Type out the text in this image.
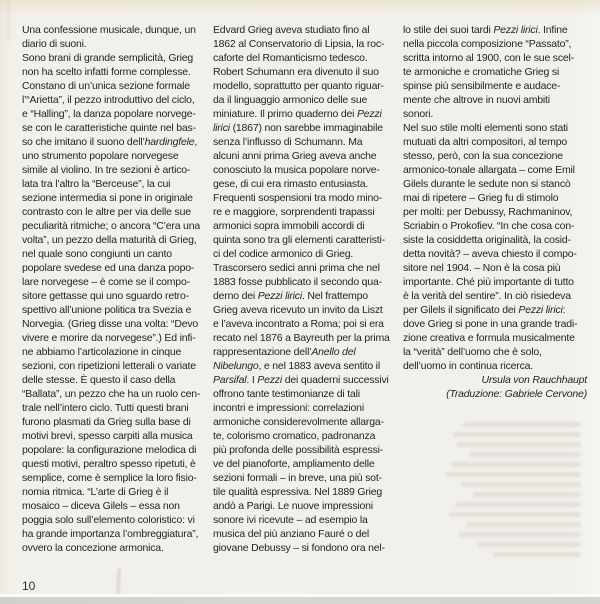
Una confessione musicale, dunque, un
diario di suoni.
Sono brani di grande semplicità, Grieg
non ha scelto infatti forme complesse.
Constano di un’unica sezione formale
l’“Arietta”, il pezzo introduttivo del ciclo,
e “Halling”, la danza popolare norvege-
se con le caratteristiche quinte nel bas-
so che imitano il suono dell’hardingfele,
uno strumento popolare norvegese
simile al violino. In tre sezioni è artico-
lata tra l’altro la “Berceuse”, la cui
sezione intermedia si pone in originale
contrasto con le altre per via delle sue
peculiarità ritmiche; o ancora “C’era una
volta”, un pezzo della maturità di Grieg,
nel quale sono congiunti un canto
popolare svedese ed una danza popo-
lare norvegese – è come se il compo-
sitore gettasse qui uno sguardo retro-
spettivo all’unione politica tra Svezia e
Norvegia. (Grieg disse una volta: “Devo
vivere e morire da norvegese”.) Ed infi-
ne abbiamo l’articolazione in cinque
sezioni, con ripetizioni letterali o variate
delle stesse. È questo il caso della
“Ballata”, un pezzo che ha un ruolo cen-
trale nell’intero ciclo. Tutti questi brani
furono plasmati da Grieg sulla base di
motivi brevi, spesso carpiti alla musica
popolare: la configurazione melodica di
questi motivi, peraltro spesso ripetuti, è
semplice, come è semplice la loro fisio-
nomia ritmica. “L’arte di Grieg è il
mosaico – diceva Gilels – essa non
poggia solo sull’elemento coloristico: vi
ha grande importanza l’ombreggiatura”,
ovvero la concezione armonica.
Edvard Grieg aveva studiato fino al
1862 al Conservatorio di Lipsia, la roc-
caforte del Romanticismo tedesco.
Robert Schumann era divenuto il suo
modello, soprattutto per quanto riguar-
da il linguaggio armonico delle sue
miniature. Il primo quaderno dei Pezzi
lirici (1867) non sarebbe immaginabile
senza l’influsso di Schumann. Ma
alcuni anni prima Grieg aveva anche
conosciuto la musica popolare norve-
gese, di cui era rimasto entusiasta.
Frequenti sospensioni tra modo mino-
re e maggiore, sorprendenti trapassi
armonici sopra immobili accordi di
quinta sono tra gli elementi caratteristi-
ci del codice armonico di Grieg.
Trascorsero sedici anni prima che nel
1883 fosse pubblicato il secondo qua-
derno dei Pezzi lirici. Nel frattempo
Grieg aveva ricevuto un invito da Liszt
e l’aveva incontrato a Roma; poi si era
recato nel 1876 a Bayreuth per la prima
rappresentazione dell’Anello del
Nibelungo, e nel 1883 aveva sentito il
Parsifal. I Pezzi dei quaderni successivi
offrono tante testimonianze di tali
incontri e impressioni: correlazioni
armoniche considerevolmente allarga-
te, colorismo cromatico, padronanza
più profonda delle possibilità espressi-
ve del pianoforte, ampliamento delle
sezioni formali – in breve, una più sot-
tile qualità espressiva. Nel 1889 Grieg
andò a Parigi. Le nuove impressioni
sonore ivi ricevute – ad esempio la
musica del più anziano Fauré o del
giovane Debussy – si fondono ora nel-
lo stile dei suoi tardi Pezzi lirici. Infine
nella piccola composizione “Passato”,
scritta intorno al 1900, con le sue scel-
te armoniche e cromatiche Grieg si
spinse più sensibilmente e audace-
mente che altrove in nuovi ambiti
sonori.
Nel suo stile molti elementi sono stati
mutuati da altri compositori, al tempo
stesso, però, con la sua concezione
armonico-tonale allargata – come Emil
Gilels durante le sedute non si stancò
mai di ripetere – Grieg fu di stimolo
per molti: per Debussy, Rachmaninov,
Scriabin o Prokofiev. “In che cosa con-
siste la cosiddetta originalità, la cosid-
detta novità? – aveva chiesto il compo-
sitore nel 1904. – Non è la cosa più
importante. Ché più importante di tutto
è la verità del sentire”. In ciò risiedeva
per Gilels il significato dei Pezzi lirici:
dove Grieg si pone in una grande tradi-
zione creativa e formula musicalmente
la “verità” dell’uomo che è solo,
dell’uomo in continua ricerca.
Ursula von Rauchhaupt
(Traduzione: Gabriele Cervone)
10
